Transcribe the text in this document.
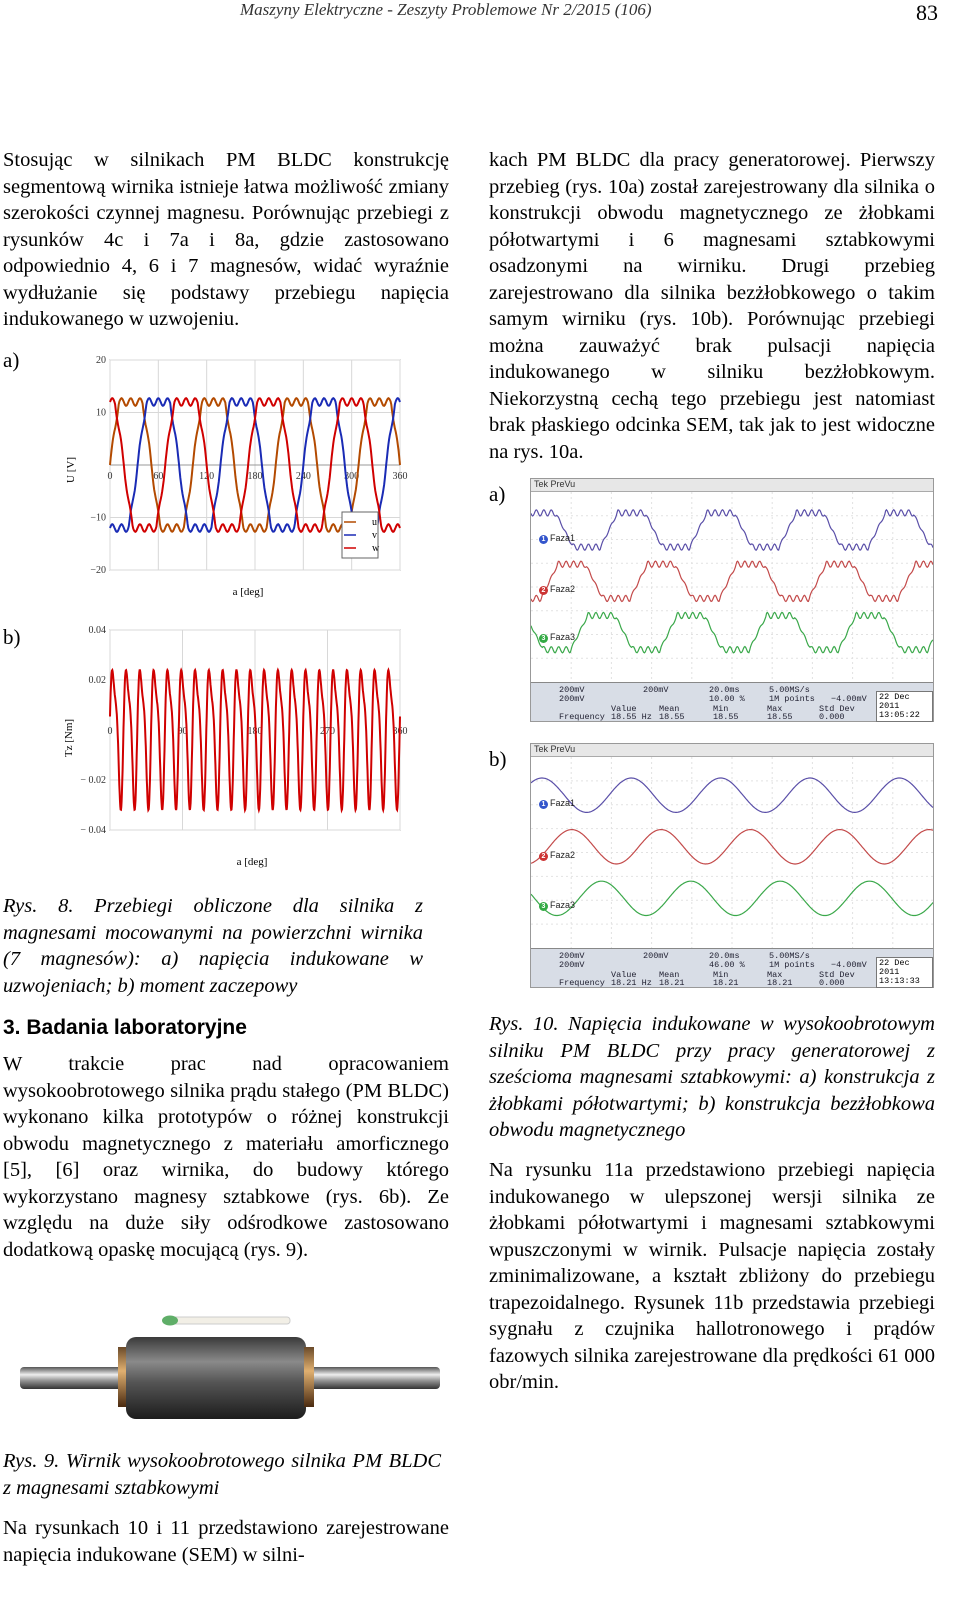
Maszyny Elektryczne - Zeszyty Problemowe Nr 2/2015 (106)	83

Stosując w silnikach PM BLDC konstrukcję segmentową wirnika istnieje łatwa możliwość zmiany szerokości czynnej magnesu. Porównując przebiegi z rysunków 4c i 7a i 8a, gdzie zastosowano odpowiednio 4, 6 i 7 magnesów, widać wyraźnie wydłużanie się podstawy przebiegu napięcia indukowanego w uzwojeniu.

a)
0	60	120	180	240	300	360
20
10
−10
−20
u
v
w
U [V]
a [deg]
b)
0	90	180	270	360
0.04
0.02
− 0.02
− 0.04
Tz [Nm]
a [deg]

Rys. 8. Przebiegi obliczone dla silnika z magnesami mocowanymi na powierzchni wirnika (7 magnesów): a) napięcia indukowane w uzwojeniach; b) moment zaczepowy

3. Badania laboratoryjne

W trakcie prac nad opracowaniem wysokoobrotowego silnika prądu stałego (PM BLDC) wykonano kilka prototypów o różnej konstrukcji obwodu magnetycznego z materiału amorficznego [5], [6] oraz wirnika, do budowy którego wykorzystano magnesy sztabkowe (rys. 6b). Ze względu na duże siły odśrodkowe zastosowano dodatkową opaskę mocującą (rys. 9).

Rys. 9. Wirnik wysokoobrotowego silnika PM BLDC z magnesami sztabkowymi

Na rysunkach 10 i 11 przedstawiono zarejestrowane napięcia indukowane (SEM) w silni-

kach PM BLDC dla pracy generatorowej. Pierwszy przebieg (rys. 10a) został zarejestrowany dla silnika o konstrukcji obwodu magnetycznego ze żłobkami półotwartymi i 6 magnesami sztabkowymi osadzonymi na wirniku. Drugi przebieg zarejestrowano dla silnika bezżłobkowego o takim samym wirniku (rys. 10b). Porównując przebiegi można zauważyć brak pulsacji napięcia indukowanego w silniku bezżłobkowym. Niekorzystną cechą tego przebiegu jest natomiast brak płaskiego odcinka SEM, tak jak to jest widoczne na rys. 10a.

a)	Tek PreVu
1 Faza1
2 Faza2
3 Faza3
200mV
200mV
200mV	20.0ms
10.00 %
5.00MS/s
1M points −4.00mV
Value	Mean	Min	Max	Std Dev
Frequency 18.55 Hz 18.55	18.55	18.55	0.000
22 Dec 2011
13:05:22
b)	Tek PreVu
1 Faza1
2 Faza2
3 Faza3
200mV
200mV
200mV	20.0ms
46.00 %
5.00MS/s
1M points −4.00mV
Value	Mean	Min	Max	Std Dev
Frequency 18.21 Hz 18.21	18.21	18.21	0.000
22 Dec 2011
13:13:33

Rys. 10. Napięcia indukowane w wysokoobrotowym silniku PM BLDC przy pracy generatorowej z sześcioma magnesami sztabkowymi: a) konstrukcja z żłobkami półotwartymi; b) konstrukcja bezżłobkowa obwodu magnetycznego

Na rysunku 11a przedstawiono przebiegi napięcia indukowanego w ulepszonej wersji silnika ze żłobkami półotwartymi i magnesami sztabkowymi wpuszczonymi w wirnik. Pulsacje napięcia zostały zminimalizowane, a kształt zbliżony do przebiegu trapezoidalnego. Rysunek 11b przedstawia przebiegi sygnału z czujnika hallotronowego i prądów fazowych silnika zarejestrowane dla prędkości 61 000 obr/min.
